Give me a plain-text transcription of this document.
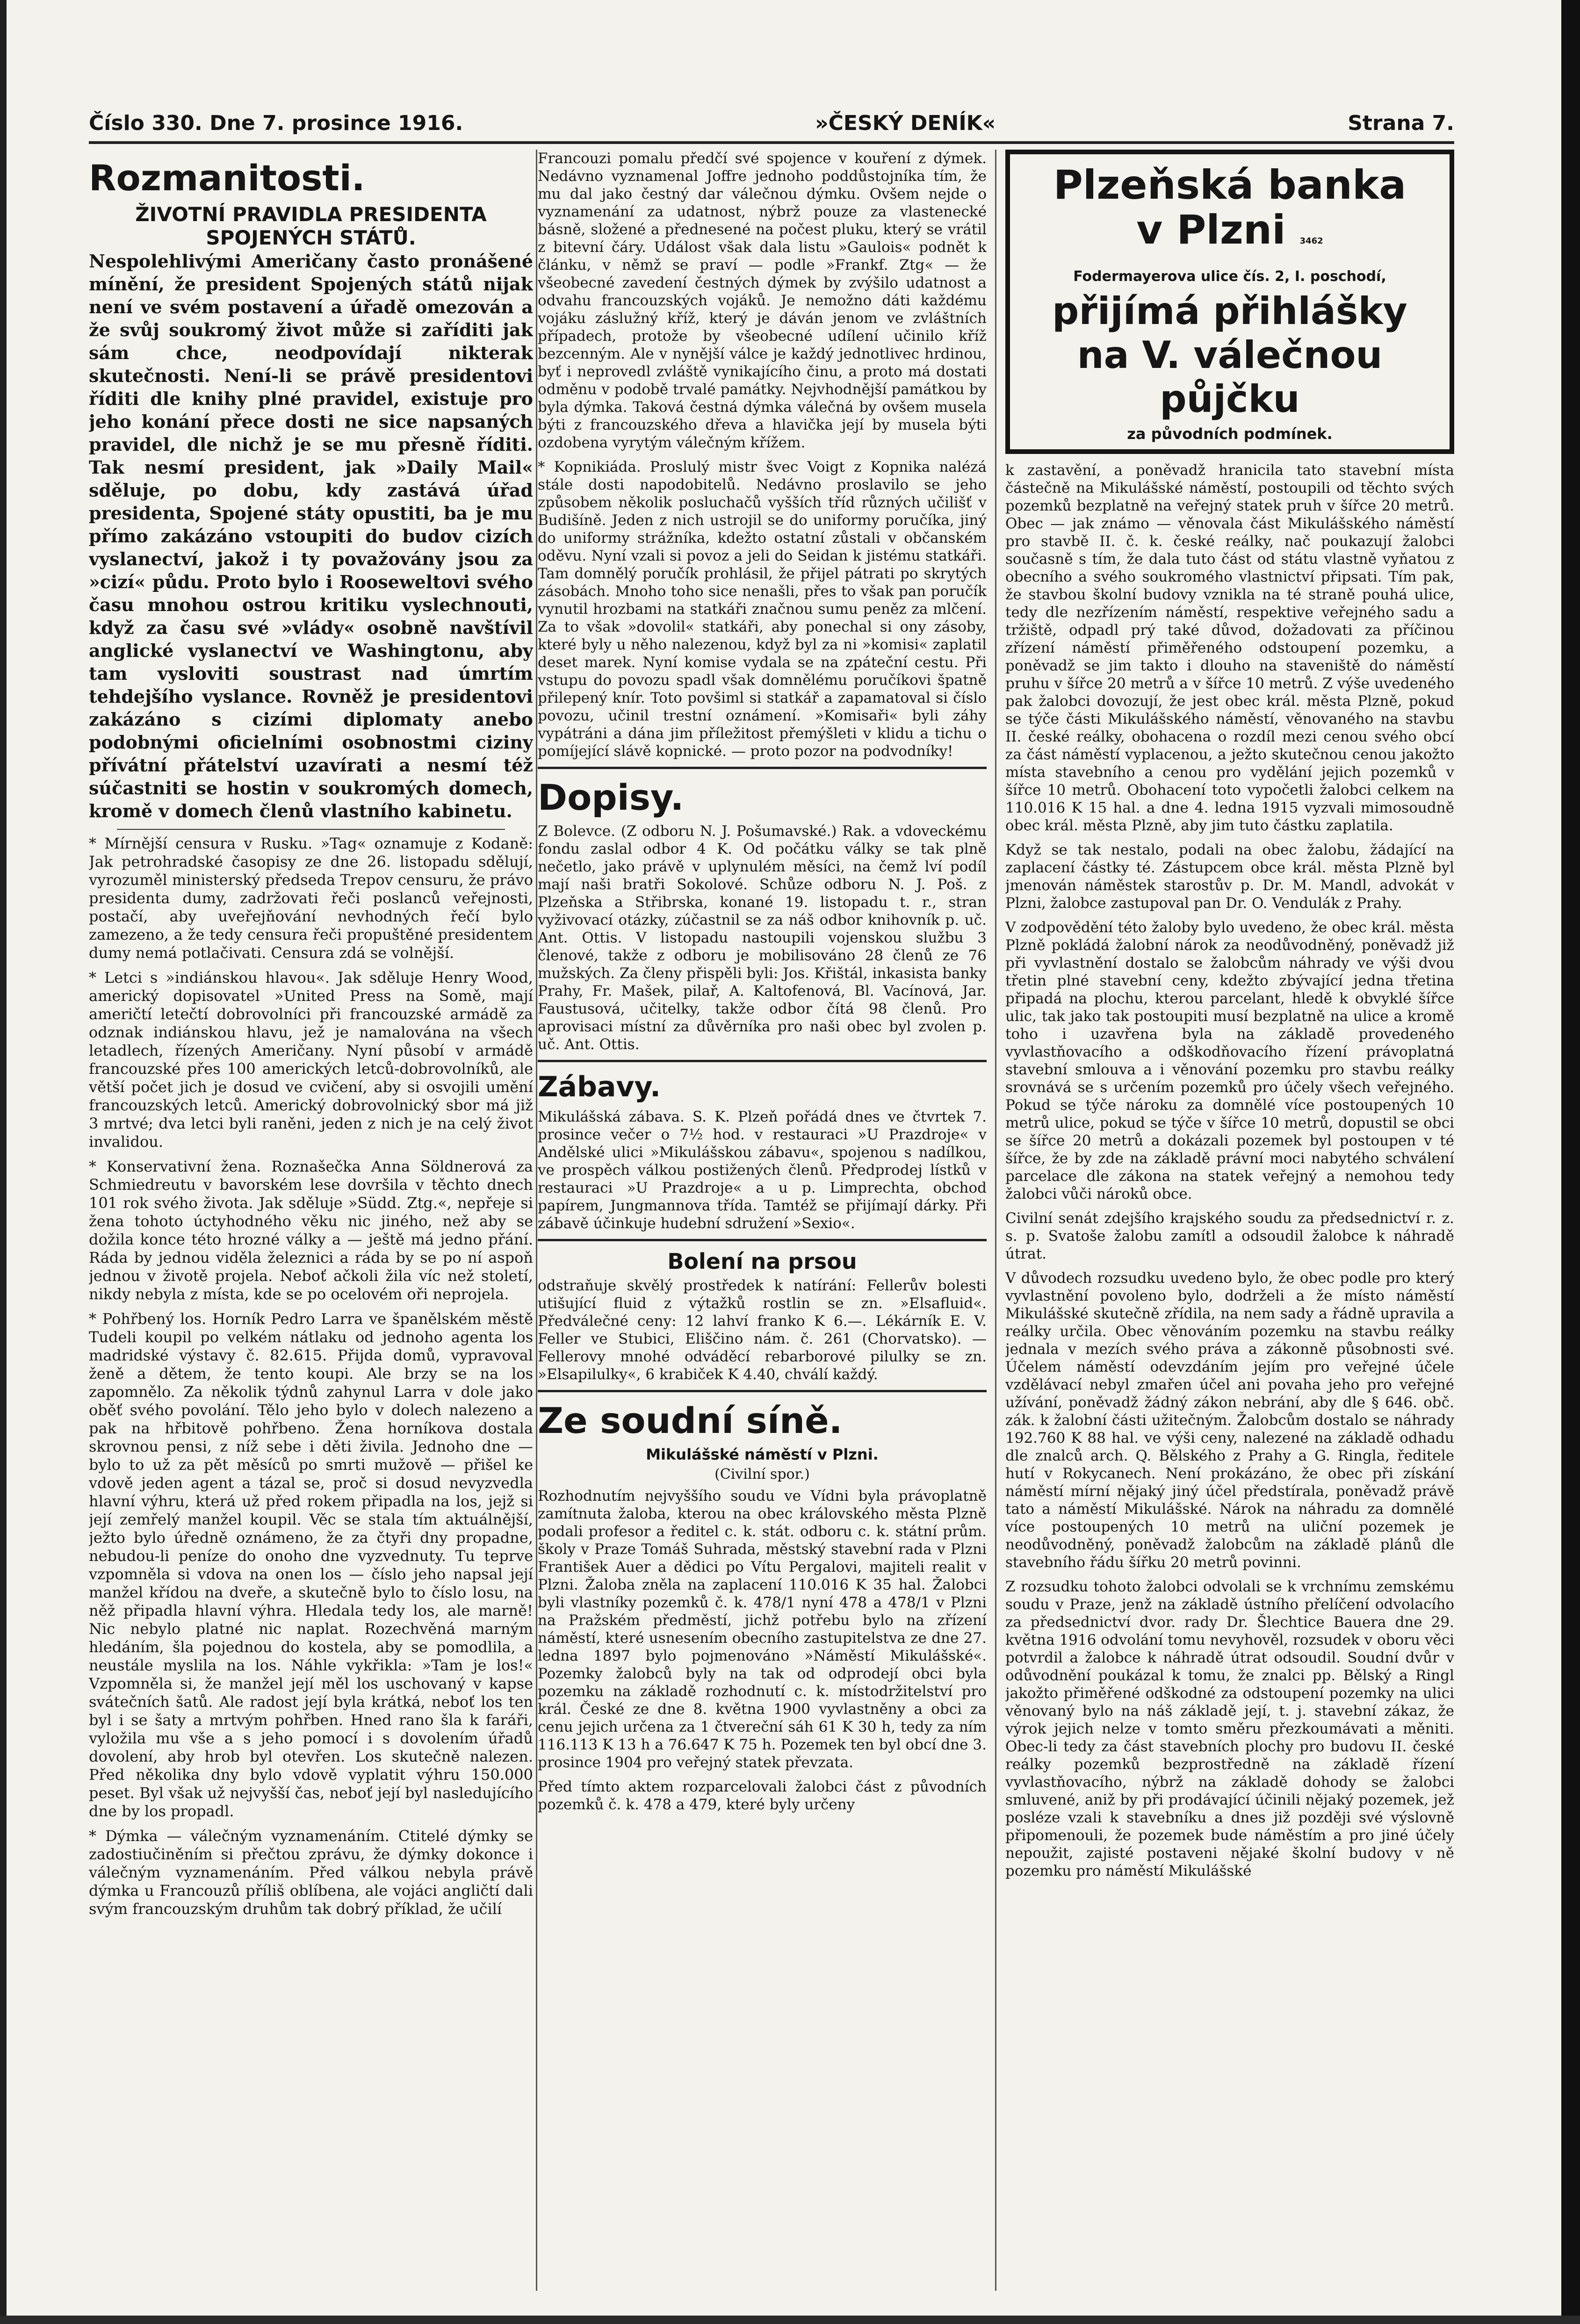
Číslo 330. Dne 7. prosince 1916.	»ČESKÝ DENÍK«	Strana 7.
Rozmanitosti.
ŽIVOTNÍ PRAVIDLA PRESIDENTA SPOJENÝCH STÁTŮ.

Nespolehlivými Američany často pronášené mínění, že president Spojených států nijak není ve svém postavení a úřadě omezován a že svůj soukromý život může si zaříditi jak sám chce, neodpovídají nikterak skutečnosti. Není-li se právě presidentovi říditi dle knihy plné pravidel, existuje pro jeho konání přece dosti ne sice napsaných pravidel, dle nichž je se mu přesně říditi. Tak nesmí president, jak »Daily Mail« sděluje, po dobu, kdy zastává úřad presidenta, Spojené státy opustiti, ba je mu přímo zakázáno vstoupiti do budov cizích vyslanectví, jakož i ty považovány jsou za »cizí« půdu. Proto bylo i Rooseweltovi svého času mnohou ostrou kritiku vyslechnouti, když za času své »vlády« osobně navštívil anglické vyslanectví ve Washingtonu, aby tam vysloviti soustrast nad úmrtím tehdejšího vyslance. Rovněž je presidentovi zakázáno s cizími diplomaty anebo podobnými oficielními osobnostmi ciziny přívátní přátelství uzavírati a nesmí též súčastniti se hostin v soukromých domech, kromě v domech členů vlastního kabinetu.

* Mírnější censura v Rusku. »Tag« oznamuje z Kodaně: Jak petrohradské časopisy ze dne 26. listopadu sdělují, vyrozuměl ministerský předseda Trepov censuru, že právo presidenta dumy, zadržovati řeči poslanců veřejnosti, postačí, aby uveřejňování nevhodných řečí bylo zamezeno, a že tedy censura řeči propuštěné presidentem dumy nemá potlačivati. Censura zdá se volnější.

* Letci s »indiánskou hlavou«. Jak sděluje Henry Wood, americký dopisovatel »United Press na Somě, mají američtí letečtí dobrovolníci při francouzské armádě za odznak indiánskou hlavu, jež je namalována na všech letadlech, řízených Američany. Nyní působí v armádě francouzské přes 100 amerických letců-dobrovolníků, ale větší počet jich je dosud ve cvičení, aby si osvojili umění francouzských letců. Americký dobrovolnický sbor má již 3 mrtvé; dva letci byli raněni, jeden z nich je na celý život invalidou.

* Konservativní žena. Roznašečka Anna Söldnerová za Schmiedreutu v bavorském lese dovršila v těchto dnech 101 rok svého života. Jak sděluje »Südd. Ztg.«, nepřeje si žena tohoto úctyhodného věku nic jiného, než aby se dožila konce této hrozné války a — ještě má jedno přání. Ráda by jednou viděla železnici a ráda by se po ní aspoň jednou v životě projela. Neboť ačkoli žila víc než století, nikdy nebyla z místa, kde se po ocelovém oři neprojela.

* Pohřbený los. Horník Pedro Larra ve španělském městě Tudeli koupil po velkém nátlaku od jednoho agenta los madridské výstavy č. 82.615. Přijda domů, vypravoval ženě a dětem, že tento koupi. Ale brzy se na los zapomnělo. Za několik týdnů zahynul Larra v dole jako oběť svého povolání. Tělo jeho bylo v dolech nalezeno a pak na hřbitově pohřbeno. Žena horníkova dostala skrovnou pensi, z níž sebe i děti živila. Jednoho dne — bylo to už za pět měsíců po smrti mužově — přišel ke vdově jeden agent a tázal se, proč si dosud nevyzvedla hlavní výhru, která už před rokem připadla na los, jejž si její zemřelý manžel koupil. Věc se stala tím aktuálnější, ježto bylo úředně oznámeno, že za čtyři dny propadne, nebudou-li peníze do onoho dne vyzvednuty. Tu teprve vzpomněla si vdova na onen los — číslo jeho napsal její manžel křídou na dveře, a skutečně bylo to číslo losu, na něž připadla hlavní výhra. Hledala tedy los, ale marně! Nic nebylo platné nic naplat. Rozechvěná marným hledáním, šla pojednou do kostela, aby se pomodlila, a neustále myslila na los. Náhle vykřikla: »Tam je los!« Vzpomněla si, že manžel její měl los uschovaný v kapse svátečních šatů. Ale radost její byla krátká, neboť los ten byl i se šaty a mrtvým pohřben. Hned rano šla k faráři, vyložila mu vše a s jeho pomocí i s dovolením úřadů dovolení, aby hrob byl otevřen. Los skutečně nalezen. Před několika dny bylo vdově vyplatit výhru 150.000 peset. Byl však už nejvyšší čas, neboť její byl nasledujícího dne by los propadl.

* Dýmka — válečným vyznamenáním. Ctitelé dýmky se zadostiučiněním si přečtou zprávu, že dýmky dokonce i válečným vyznamenáním. Před válkou nebyla právě dýmka u Francouzů příliš oblíbena, ale vojáci angličtí dali svým francouzským druhům tak dobrý příklad, že učilí

Francouzi pomalu předčí své spojence v kouření z dýmek. Nedávno vyznamenal Joffre jednoho poddůstojníka tím, že mu dal jako čestný dar válečnou dýmku. Ovšem nejde o vyznamenání za udatnost, nýbrž pouze za vlastenecké básně, složené a přednesené na počest pluku, který se vrátil z bitevní čáry. Událost však dala listu »Gaulois« podnět k článku, v němž se praví — podle »Frankf. Ztg« — že všeobecné zavedení čestných dýmek by zvýšilo udatnost a odvahu francouzských vojáků. Je nemožno dáti každému vojáku záslužný kříž, který je dáván jenom ve zvláštních případech, protože by všeobecné udílení učinilo kříž bezcenným. Ale v nynější válce je každý jednotlivec hrdinou, byť i neprovedl zvláště vynikajícího činu, a proto má dostati odměnu v podobě trvalé památky. Nejvhodnější památkou by byla dýmka. Taková čestná dýmka válečná by ovšem musela býti z francouzského dřeva a hlavička její by musela býti ozdobena vyrytým válečným křížem.

* Kopnikiáda. Proslulý mistr švec Voigt z Kopnika nalézá stále dosti napodobitelů. Nedávno proslavilo se jeho způsobem několik posluchačů vyšších tříd různých učilišť v Budišíně. Jeden z nich ustrojil se do uniformy poručíka, jiný do uniformy strážníka, kdežto ostatní zůstali v občanském oděvu. Nyní vzali si povoz a jeli do Seidan k jistému statkáři. Tam domnělý poručík prohlásil, že přijel pátrati po skrytých zásobách. Mnoho toho sice nenašli, přes to však pan poručík vynutil hrozbami na statkáři značnou sumu peněz za mlčení. Za to však »dovolil« statkáři, aby ponechal si ony zásoby, které byly u něho nalezenou, když byl za ni »komisi« zaplatil deset marek. Nyní komise vydala se na zpáteční cestu. Při vstupu do povozu spadl však domnělému poručíkovi špatně přilepený knír. Toto povšiml si statkář a zapamatoval si číslo povozu, učinil trestní oznámení. »Komisaři« byli záhy vypátráni a dána jim příležitost přemýšleti v klidu a tichu o pomíjející slávě kopnické. — proto pozor na podvodníky!

Dopisy.

Z Bolevce. (Z odboru N. J. Pošumavské.) Rak. a vdoveckému fondu zaslal odbor 4 K. Od počátku války se tak plně nečetlo, jako právě v uplynulém měsíci, na čemž lví podíl mají naši bratři Sokolové. Schůze odboru N. J. Poš. z Plzeňska a Střibrska, konané 19. listopadu t. r., stran vyživovací otázky, zúčastnil se za náš odbor knihovník p. uč. Ant. Ottis. V listopadu nastoupili vojenskou službu 3 členové, takže z odboru je mobilisováno 28 členů ze 76 mužských. Za členy přispěli byli: Jos. Křištál, inkasista banky Prahy, Fr. Mašek, pilař, A. Kaltofenová, Bl. Vacínová, Jar. Faustusová, učitelky, takže odbor čítá 98 členů. Pro aprovisaci místní za důvěrníka pro naši obec byl zvolen p. uč. Ant. Ottis.

Zábavy.

Mikulášská zábava. S. K. Plzeň pořádá dnes ve čtvrtek 7. prosince večer o 7½ hod. v restauraci »U Prazdroje« v Andělské ulici »Mikulášskou zábavu«, spojenou s nadílkou, ve prospěch válkou postižených členů. Předprodej lístků v restauraci »U Prazdroje« a u p. Limprechta, obchod papírem, Jungmannova třída. Tamtéž se přijímají dárky. Při zábavě účinkuje hudební sdružení »Sexio«.

Bolení na prsou

odstraňuje skvělý prostředek k natírání: Fellerův bolesti utišující fluid z výtažků rostlin se zn. »Elsafluid«. Předválečné ceny: 12 lahví franko K 6.—. Lékárník E. V. Feller ve Stubici, Eliščino nám. č. 261 (Chorvatsko). — Fellerovy mnohé odváděcí rebarborové pilulky se zn. »Elsapilulky«, 6 krabiček K 4.40, chválí každý.

Ze soudní síně.
Mikulášské náměstí v Plzni.
(Civilní spor.)

Rozhodnutím nejvyššího soudu ve Vídni byla právoplatně zamítnuta žaloba, kterou na obec královského města Plzně podali profesor a ředitel c. k. stát. odboru c. k. státní prům. školy v Praze Tomáš Suhrada, městský stavební rada v Plzni František Auer a dědici po Vítu Pergalovi, majiteli realit v Plzni. Žaloba zněla na zaplacení 110.016 K 35 hal. Žalobci byli vlastníky pozemků č. k. 478/1 nyní 478 a 478/1 v Plzni na Pražském předměstí, jichž potřebu bylo na zřízení náměstí, které usnesením obecního zastupitelstva ze dne 27. ledna 1897 bylo pojmenováno »Náměstí Mikulášské«. Pozemky žalobců byly na tak od odprodejí obci byla pozemku na základě rozhodnutí c. k. místodržitelství pro král. České ze dne 8. května 1900 vyvlastněny a obci za cenu jejich určena za 1 čtvereční sáh 61 K 30 h, tedy za ním 116.113 K 13 h a 76.647 K 75 h. Pozemek ten byl obcí dne 3. prosince 1904 pro veřejný statek převzata.

Před tímto aktem rozparcelovali žalobci část z původních pozemků č. k. 478 a 479, které byly určeny

Plzeňská banka
v Plzni 3462
Fodermayerova ulice čís. 2, I. poschodí,
přijímá přihlášky
na V. válečnou půjčku
za původních podmínek.

k zastavění, a poněvadž hranicila tato stavební místa částečně na Mikulášské náměstí, postoupili od těchto svých pozemků bezplatně na veřejný statek pruh v šířce 20 metrů. Obec — jak známo — věnovala část Mikulášského náměstí pro stavbě II. č. k. české reálky, nač poukazují žalobci současně s tím, že dala tuto část od státu vlastně vyňatou z obecního a svého soukromého vlastnictví připsati. Tím pak, že stavbou školní budovy vznikla na té straně pouhá ulice, tedy dle nezřízením náměstí, respektive veřejného sadu a tržiště, odpadl prý také důvod, dožadovati za příčinou zřízení náměstí přiměřeného odstoupení pozemku, a poněvadž se jim takto i dlouho na staveniště do náměstí pruhu v šířce 20 metrů a v šířce 10 metrů. Z výše uvedeného pak žalobci dovozují, že jest obec král. města Plzně, pokud se týče části Mikulášského náměstí, věnovaného na stavbu II. české reálky, obohacena o rozdíl mezi cenou svého obcí za část náměstí vyplacenou, a ježto skutečnou cenou jakožto místa stavebního a cenou pro vydělání jejich pozemků v šířce 10 metrů. Obohacení toto vypočetli žalobci celkem na 110.016 K 15 hal. a dne 4. ledna 1915 vyzvali mimosoudně obec král. města Plzně, aby jim tuto částku zaplatila.

Když se tak nestalo, podali na obec žalobu, žádající na zaplacení částky té. Zástupcem obce král. města Plzně byl jmenován náměstek starostův p. Dr. M. Mandl, advokát v Plzni, žalobce zastupoval pan Dr. O. Vendulák z Prahy.

V zodpovědění této žaloby bylo uvedeno, že obec král. města Plzně pokládá žalobní nárok za neodůvodněný, poněvadž již při vyvlastnění dostalo se žalobcům náhrady ve výši dvou třetin plné stavební ceny, kdežto zbývající jedna třetina připadá na plochu, kterou parcelant, hledě k obvyklé šířce ulic, tak jako tak postoupiti musí bezplatně na ulice a kromě toho i uzavřena byla na základě provedeného vyvlastňovacího a odškodňovacího řízení právoplatná stavební smlouva a i věnování pozemku pro stavbu reálky srovnává se s určením pozemků pro účely všech veřejného. Pokud se týče nároku za domnělé více postoupených 10 metrů ulice, pokud se týče v šířce 10 metrů, dopustil se obci se šířce 20 metrů a dokázali pozemek byl postoupen v té šířce, že by zde na základě právní moci nabytého schválení parcelace dle zákona na statek veřejný a nemohou tedy žalobci vůči nároků obce.

Civilní senát zdejšího krajského soudu za předsednictví r. z. s. p. Svatoše žalobu zamítl a odsoudil žalobce k náhradě útrat.

V důvodech rozsudku uvedeno bylo, že obec podle pro který vyvlastnění povoleno bylo, dodrželi a že místo náměstí Mikulášské skutečně zřídila, na nem sady a řádně upravila a reálky určila. Obec věnováním pozemku na stavbu reálky jednala v mezích svého práva a zákonně působnosti své. Účelem náměstí odevzdáním jejím pro veřejné účele vzdělávací nebyl zmařen účel ani povaha jeho pro veřejné užívání, poněvadž žádný zákon nebrání, aby dle § 646. obč. zák. k žalobní části užitečným. Žalobcům dostalo se náhrady 192.760 K 88 hal. ve výši ceny, nalezené na základě odhadu dle znalců arch. Q. Bělského z Prahy a G. Ringla, ředitele hutí v Rokycanech. Není prokázáno, že obec při získání náměstí mírní nějaký jiný účel předstírala, poněvadž právě tato a náměstí Mikulášské. Nárok na náhradu za domnělé více postoupených 10 metrů na uliční pozemek je neodůvodněný, poněvadž žalobcům na základě plánů dle stavebního řádu šířku 20 metrů povinni.

Z rozsudku tohoto žalobci odvolali se k vrchnímu zemskému soudu v Praze, jenž na základě ústního přelíčení odvolacího za předsednictví dvor. rady Dr. Šlechtice Bauera dne 29. května 1916 odvolání tomu nevyhověl, rozsudek v oboru věci potvrdil a žalobce k náhradě útrat odsoudil. Soudní dvůr v odůvodnění poukázal k tomu, že znalci pp. Bělský a Ringl jakožto přiměřené odškodné za odstoupení pozemky na ulici věnovaný bylo na náš základě její, t. j. stavební zákaz, že výrok jejich nelze v tomto směru přezkoumávati a měniti. Obec-li tedy za část stavebních plochy pro budovu II. české reálky pozemků bezprostředně na základě řízení vyvlastňovacího, nýbrž na základě dohody se žalobci smluvené, aniž by při prodávající účinili nějaký pozemek, jež posléze vzali k stavebníku a dnes již později své výslovně připomenouli, že pozemek bude náměstím a pro jiné účely nepoužit, zajisté postaveni nějaké školní budovy v ně pozemku pro náměstí Mikulášské
